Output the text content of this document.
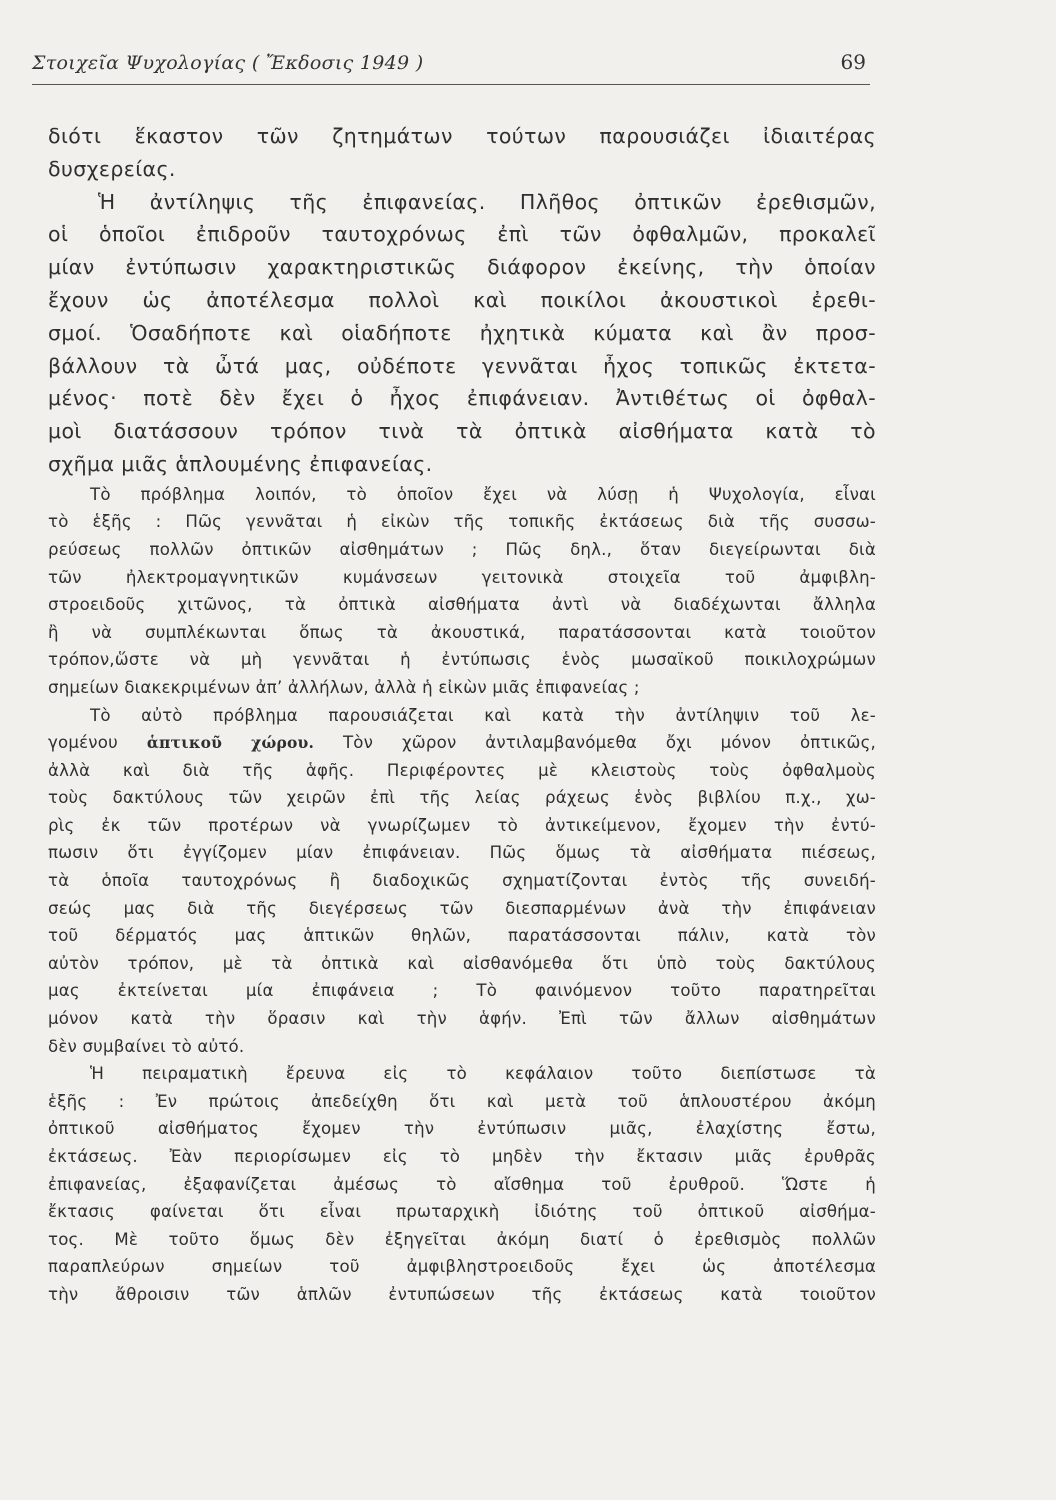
Στοιχεῖα Ψυχολογίας ( Ἔκδοσις 1949 )	69
διότι ἕκαστον τῶν ζητημάτων τούτων παρουσιάζει ἰδιαιτέρας
δυσχερείας.
Ἡ ἀντίληψις τῆς ἐπιφανείας. Πλῆθος ὀπτικῶν ἐρεθισμῶν,
οἱ ὁποῖοι ἐπιδροῦν ταυτοχρόνως ἐπὶ τῶν ὀφθαλμῶν, προκαλεῖ
μίαν ἐντύπωσιν χαρακτηριστικῶς διάφορον ἐκείνης, τὴν ὁποίαν
ἔχουν ὡς ἀποτέλεσμα πολλοὶ καὶ ποικίλοι ἀκουστικοὶ ἐρεθι-
σμοί. Ὁσαδήποτε καὶ οἱαδήποτε ἠχητικὰ κύματα καὶ ἂν προσ-
βάλλουν τὰ ὦτά μας, οὐδέποτε γεννᾶται ἦχος τοπικῶς ἐκτετα-
μένος· ποτὲ δὲν ἔχει ὁ ἦχος ἐπιφάνειαν. Ἀντιθέτως οἱ ὀφθαλ-
μοὶ διατάσσουν τρόπον τινὰ τὰ ὀπτικὰ αἰσθήματα κατὰ τὸ
σχῆμα μιᾶς ἁπλουμένης ἐπιφανείας.
Τὸ πρόβλημα λοιπόν, τὸ ὁποῖον ἔχει νὰ λύσῃ ἡ Ψυχολογία, εἶναι
τὸ ἑξῆς : Πῶς γεννᾶται ἡ εἰκὼν τῆς τοπικῆς ἐκτάσεως διὰ τῆς συσσω-
ρεύσεως πολλῶν ὀπτικῶν αἰσθημάτων ; Πῶς δηλ., ὅταν διεγείρωνται διὰ
τῶν ἠλεκτρομαγνητικῶν κυμάνσεων γειτονικὰ στοιχεῖα τοῦ ἀμφιβλη-
στροειδοῦς χιτῶνος, τὰ ὀπτικὰ αἰσθήματα ἀντὶ νὰ διαδέχωνται ἄλληλα
ἢ νὰ συμπλέκωνται ὅπως τὰ ἀκουστικά, παρατάσσονται κατὰ τοιοῦτον
τρόπον,ὥστε νὰ μὴ γεννᾶται ἡ ἐντύπωσις ἑνὸς μωσαϊκοῦ ποικιλοχρώμων
σημείων διακεκριμένων ἀπ’ ἀλλήλων, ἀλλὰ ἡ εἰκὼν μιᾶς ἐπιφανείας ;
Τὸ αὐτὸ πρόβλημα παρουσιάζεται καὶ κατὰ τὴν ἀντίληψιν τοῦ λε-
γομένου ἁπτικοῦ χώρου. Τὸν χῶρον ἀντιλαμβανόμεθα ὄχι μόνον ὀπτικῶς,
ἀλλὰ καὶ διὰ τῆς ἁφῆς. Περιφέροντες μὲ κλειστοὺς τοὺς ὀφθαλμοὺς
τοὺς δακτύλους τῶν χειρῶν ἐπὶ τῆς λείας ράχεως ἑνὸς βιβλίου π.χ., χω-
ρὶς ἐκ τῶν προτέρων νὰ γνωρίζωμεν τὸ ἀντικείμενον, ἔχομεν τὴν ἐντύ-
πωσιν ὅτι ἐγγίζομεν μίαν ἐπιφάνειαν. Πῶς ὅμως τὰ αἰσθήματα πιέσεως,
τὰ ὁποῖα ταυτοχρόνως ἢ διαδοχικῶς σχηματίζονται ἐντὸς τῆς συνειδή-
σεώς μας διὰ τῆς διεγέρσεως τῶν διεσπαρμένων ἀνὰ τὴν ἐπιφάνειαν
τοῦ δέρματός μας ἁπτικῶν θηλῶν, παρατάσσονται πάλιν, κατὰ τὸν
αὐτὸν τρόπον, μὲ τὰ ὀπτικὰ καὶ αἰσθανόμεθα ὅτι ὑπὸ τοὺς δακτύλους
μας ἐκτείνεται μία ἐπιφάνεια ; Τὸ φαινόμενον τοῦτο παρατηρεῖται
μόνον κατὰ τὴν ὅρασιν καὶ τὴν ἁφήν. Ἐπὶ τῶν ἄλλων αἰσθημάτων
δὲν συμβαίνει τὸ αὐτό.
Ἡ πειραματικὴ ἔρευνα εἰς τὸ κεφάλαιον τοῦτο διεπίστωσε τὰ
ἑξῆς : Ἐν πρώτοις ἀπεδείχθη ὅτι καὶ μετὰ τοῦ ἁπλουστέρου ἀκόμη
ὀπτικοῦ αἰσθήματος ἔχομεν τὴν ἐντύπωσιν μιᾶς, ἐλαχίστης ἔστω,
ἐκτάσεως. Ἐὰν περιορίσωμεν εἰς τὸ μηδὲν τὴν ἔκτασιν μιᾶς ἐρυθρᾶς
ἐπιφανείας, ἐξαφανίζεται ἀμέσως τὸ αἴσθημα τοῦ ἐρυθροῦ. Ὥστε ἡ
ἔκτασις φαίνεται ὅτι εἶναι πρωταρχικὴ ἰδιότης τοῦ ὀπτικοῦ αἰσθήμα-
τος. Μὲ τοῦτο ὅμως δὲν ἐξηγεῖται ἀκόμη διατί ὁ ἐρεθισμὸς πολλῶν
παραπλεύρων σημείων τοῦ ἀμφιβληστροειδοῦς ἔχει ὡς ἀποτέλεσμα
τὴν ἄθροισιν τῶν ἁπλῶν ἐντυπώσεων τῆς ἐκτάσεως κατὰ τοιοῦτον
